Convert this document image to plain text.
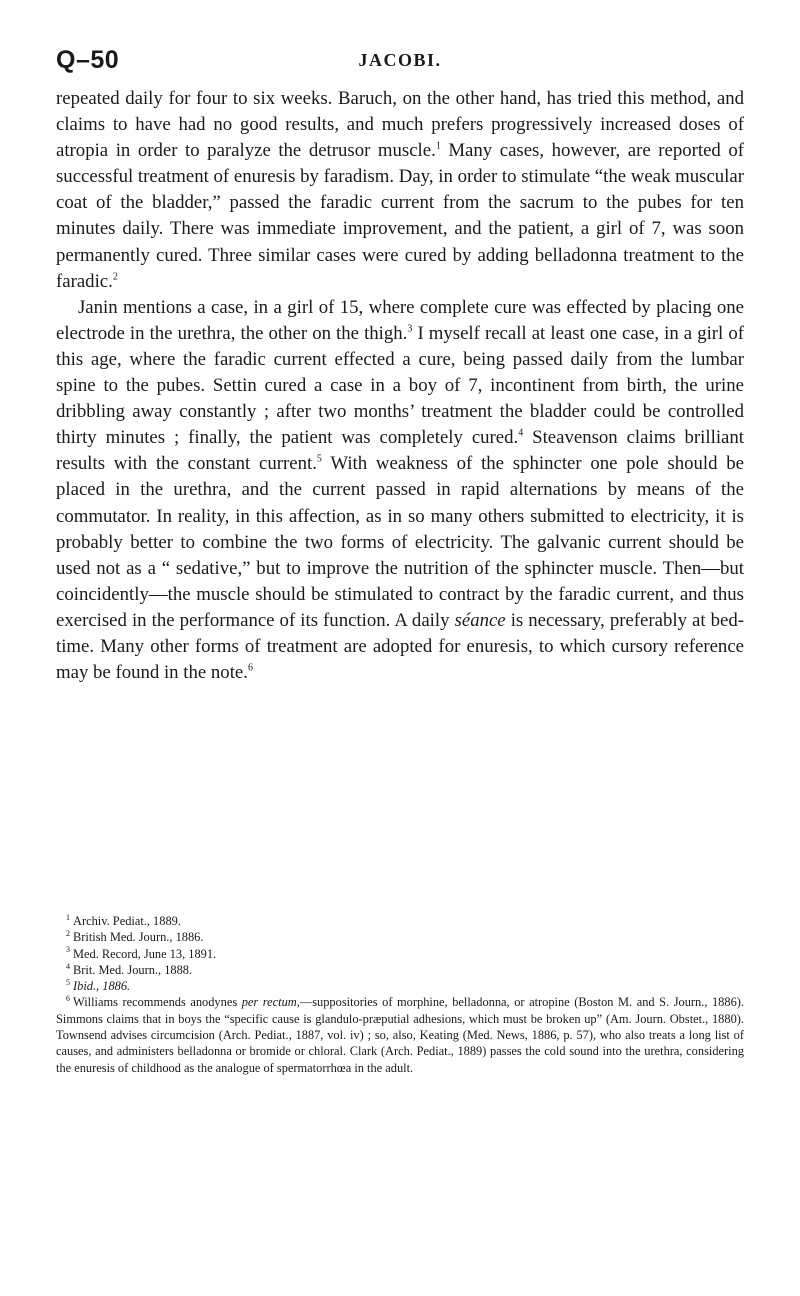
Q–50	JACOBI.

repeated daily for four to six weeks. Baruch, on the other hand, has tried this method, and claims to have had no good results, and much prefers progressively increased doses of atropia in order to paralyze the detrusor muscle.$^1$ Many cases, however, are reported of successful treatment of enuresis by faradism. Day, in order to stimulate “the weak muscular coat of the bladder,” passed the faradic current from the sacrum to the pubes for ten minutes daily. There was immediate improvement, and the patient, a girl of 7, was soon permanently cured. Three similar cases were cured by adding belladonna treatment to the faradic.$^2$

Janin mentions a case, in a girl of 15, where complete cure was effected by placing one electrode in the urethra, the other on the thigh.$^3$ I myself recall at least one case, in a girl of this age, where the faradic current effected a cure, being passed daily from the lumbar spine to the pubes. Settin cured a case in a boy of 7, incontinent from birth, the urine dribbling away constantly ; after two months’ treatment the bladder could be controlled thirty minutes ; finally, the patient was completely cured.$^4$ Steavenson claims brilliant results with the constant current.$^5$ With weakness of the sphincter one pole should be placed in the urethra, and the current passed in rapid alternations by means of the commutator. In reality, in this affection, as in so many others submitted to electricity, it is probably better to combine the two forms of electricity. The galvanic current should be used not as a “ sedative,” but to improve the nutrition of the sphincter muscle. Then—but coincidently—the muscle should be stimulated to contract by the faradic current, and thus exercised in the performance of its function. A daily séance is necessary, preferably at bed-time. Many other forms of treatment are adopted for enuresis, to which cursory reference may be found in the note.$^6$

$^1$ Archiv. Pediat., 1889.

$^2$ British Med. Journ., 1886.

$^3$ Med. Record, June 13, 1891.

$^4$ Brit. Med. Journ., 1888.

$^5$ Ibid., 1886.

$^6$ Williams recommends anodynes per rectum,—suppositories of morphine, belladonna, or atropine (Boston M. and S. Journ., 1886). Simmons claims that in boys the “specific cause is glandulo-præputial adhesions, which must be broken up” (Am. Journ. Obstet., 1880). Townsend advises circumcision (Arch. Pediat., 1887, vol. iv) ; so, also, Keating (Med. News, 1886, p. 57), who also treats a long list of causes, and administers belladonna or bromide or chloral. Clark (Arch. Pediat., 1889) passes the cold sound into the urethra, considering the enuresis of childhood as the analogue of spermatorrhœa in the adult.
